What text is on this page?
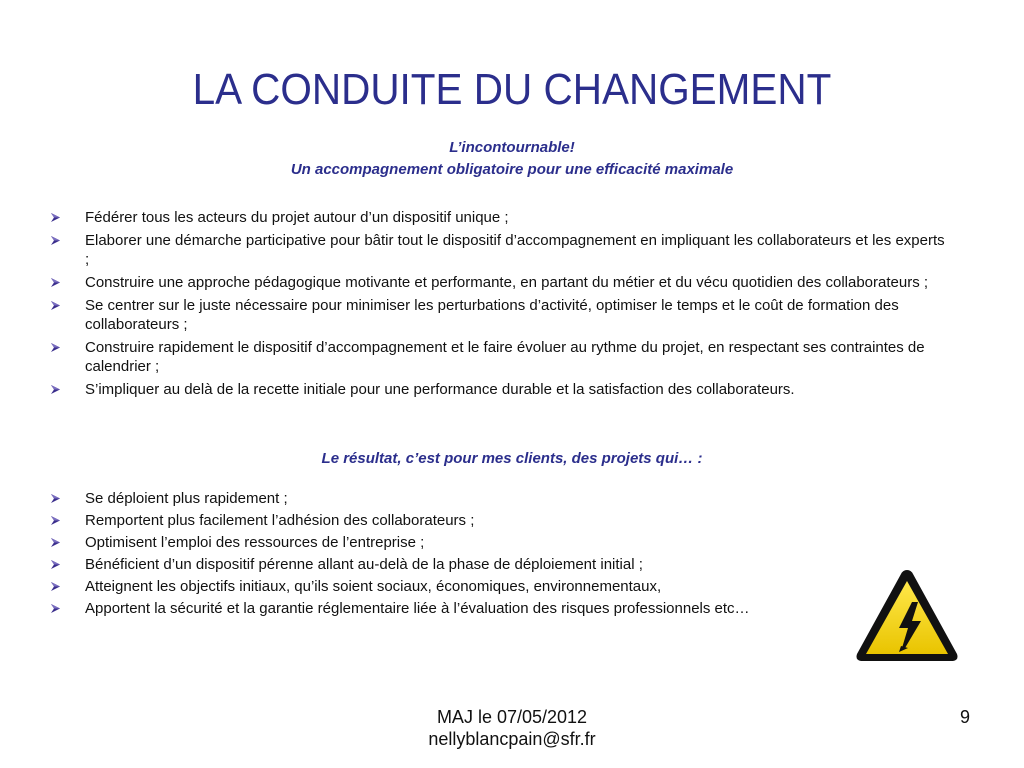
LA CONDUITE DU CHANGEMENT
L’incontournable!
Un accompagnement obligatoire pour une efficacité maximale
Fédérer tous les acteurs du projet autour d’un dispositif unique ;
Elaborer une démarche participative pour bâtir tout le dispositif d’accompagnement en impliquant les collaborateurs et les experts ;
Construire une approche pédagogique motivante et performante, en partant du métier et du vécu quotidien des collaborateurs ;
Se centrer sur le juste nécessaire pour minimiser les perturbations d’activité, optimiser le temps et le coût de formation des collaborateurs ;
Construire rapidement le dispositif d’accompagnement et le faire évoluer au rythme du projet, en respectant ses contraintes de calendrier ;
S’impliquer au delà de la recette initiale pour une performance durable et la satisfaction des collaborateurs.
Le résultat, c’est pour mes clients, des projets qui… :
Se déploient plus rapidement ;
Remportent plus facilement l’adhésion des collaborateurs ;
Optimisent l’emploi des ressources de l’entreprise ;
Bénéficient d’un dispositif pérenne allant au-delà de la phase de déploiement initial ;
Atteignent les objectifs initiaux, qu’ils soient sociaux, économiques, environnementaux,
Apportent la sécurité et la garantie réglementaire liée à l’évaluation des risques professionnels etc…
MAJ le 07/05/2012
nellyblancpain@sfr.fr
9
